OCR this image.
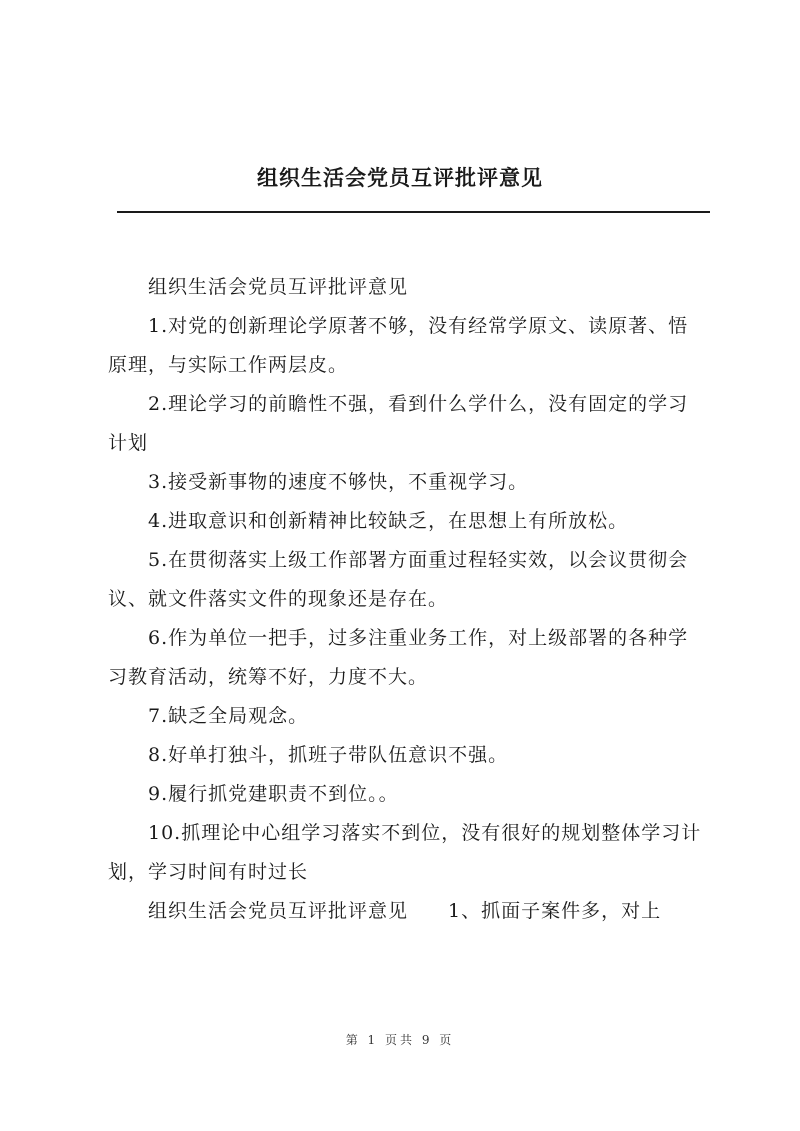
组织生活会党员互评批评意见

组织生活会党员互评批评意见

1.对党的创新理论学原著不够，没有经常学原文、读原著、悟原理，与实际工作两层皮。

2.理论学习的前瞻性不强，看到什么学什么，没有固定的学习计划

3.接受新事物的速度不够快，不重视学习。

4.进取意识和创新精神比较缺乏，在思想上有所放松。

5.在贯彻落实上级工作部署方面重过程轻实效，以会议贯彻会议、就文件落实文件的现象还是存在。

6.作为单位一把手，过多注重业务工作，对上级部署的各种学习教育活动，统筹不好，力度不大。

7.缺乏全局观念。

8.好单打独斗，抓班子带队伍意识不强。

9.履行抓党建职责不到位。。

10.抓理论中心组学习落实不到位，没有很好的规划整体学习计划，学习时间有时过长

组织生活会党员互评批评意见　　1、抓面子案件多，对上

第 1 页共 9 页
